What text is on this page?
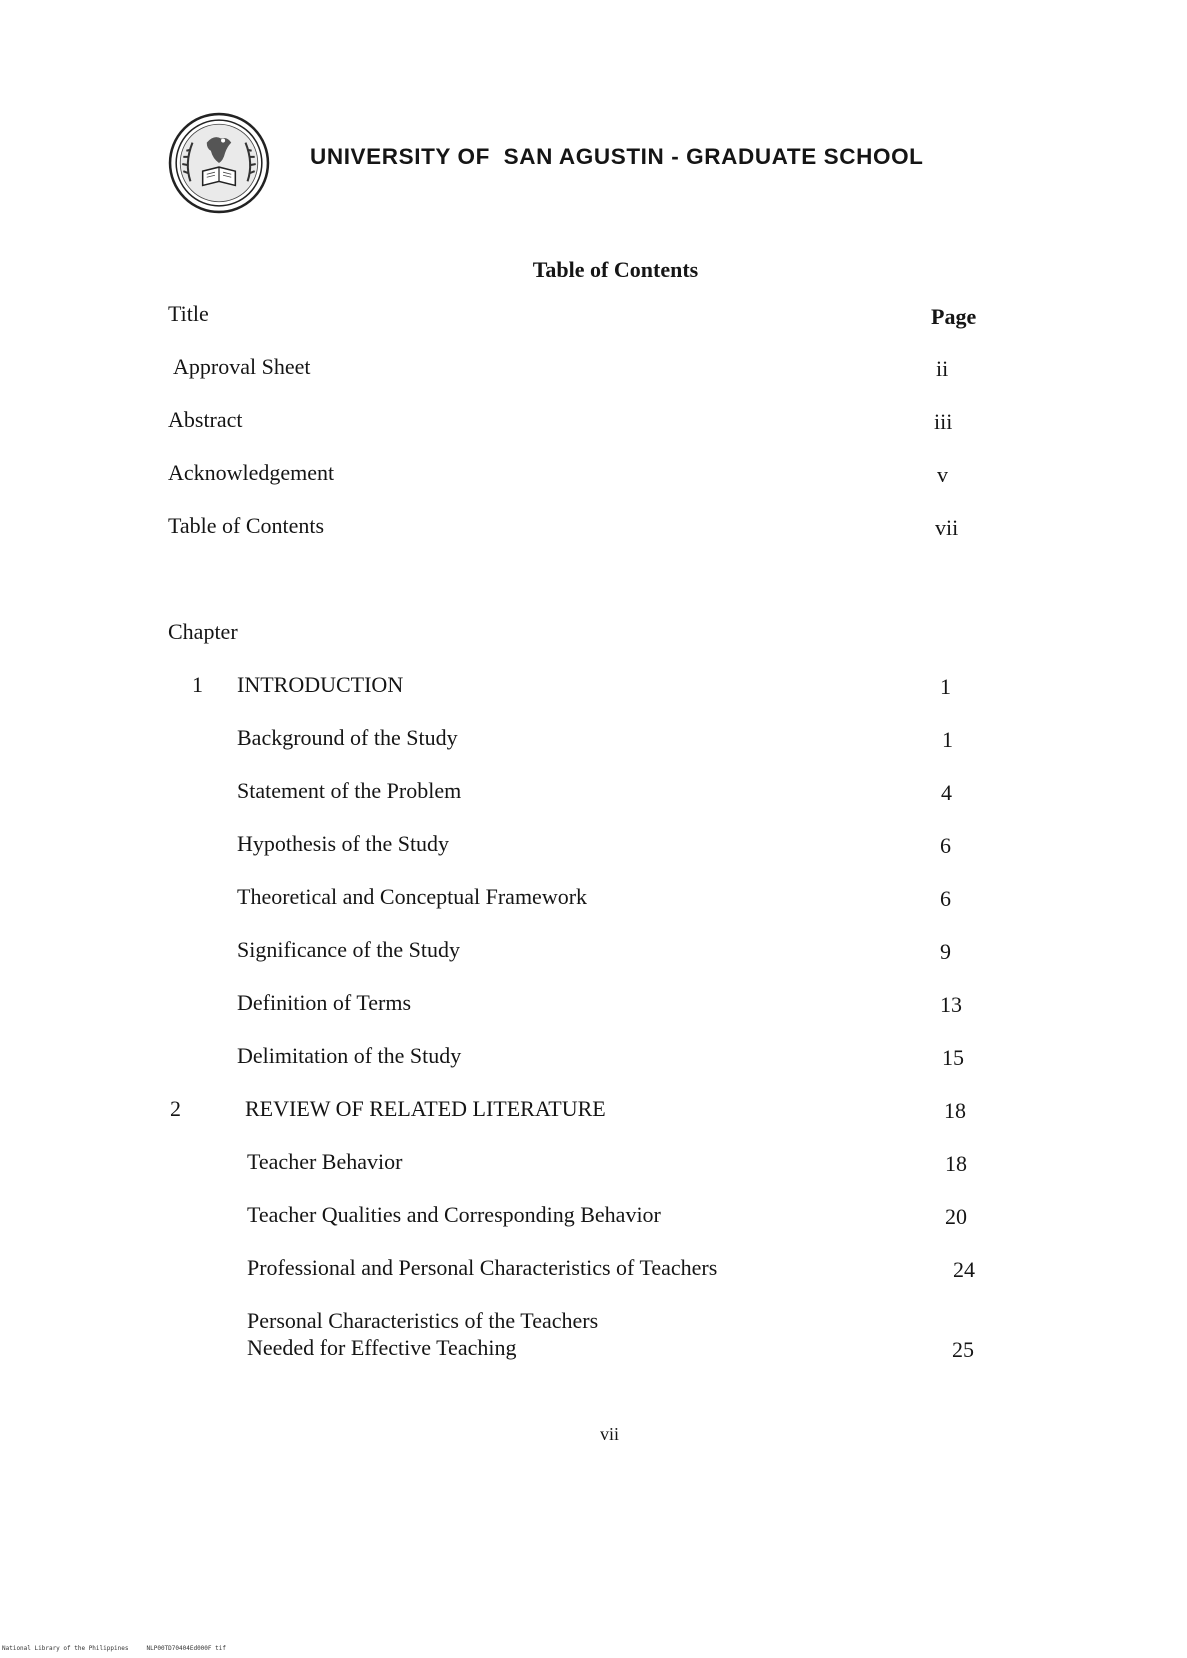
UNIVERSITY OF  SAN AGUSTIN - GRADUATE SCHOOL
Table of Contents
Title	Page
Approval Sheet	ii
Abstract	iii
Acknowledgement	v
Table of Contents	vii
Chapter
1 INTRODUCTION	1
Background of the Study	1
Statement of the Problem	4
Hypothesis of the Study	6
Theoretical and Conceptual Framework	6
Significance of the Study	9
Definition of Terms	13
Delimitation of the Study	15
2	REVIEW OF RELATED LITERATURE	18
Teacher Behavior	18
Teacher Qualities and Corresponding Behavior	20
Professional and Personal Characteristics of Teachers	24
Personal Characteristics of the Teachers
Needed for Effective Teaching	25
vii
National Library of the Philippines     NLP00TD70404Ed000F tif
